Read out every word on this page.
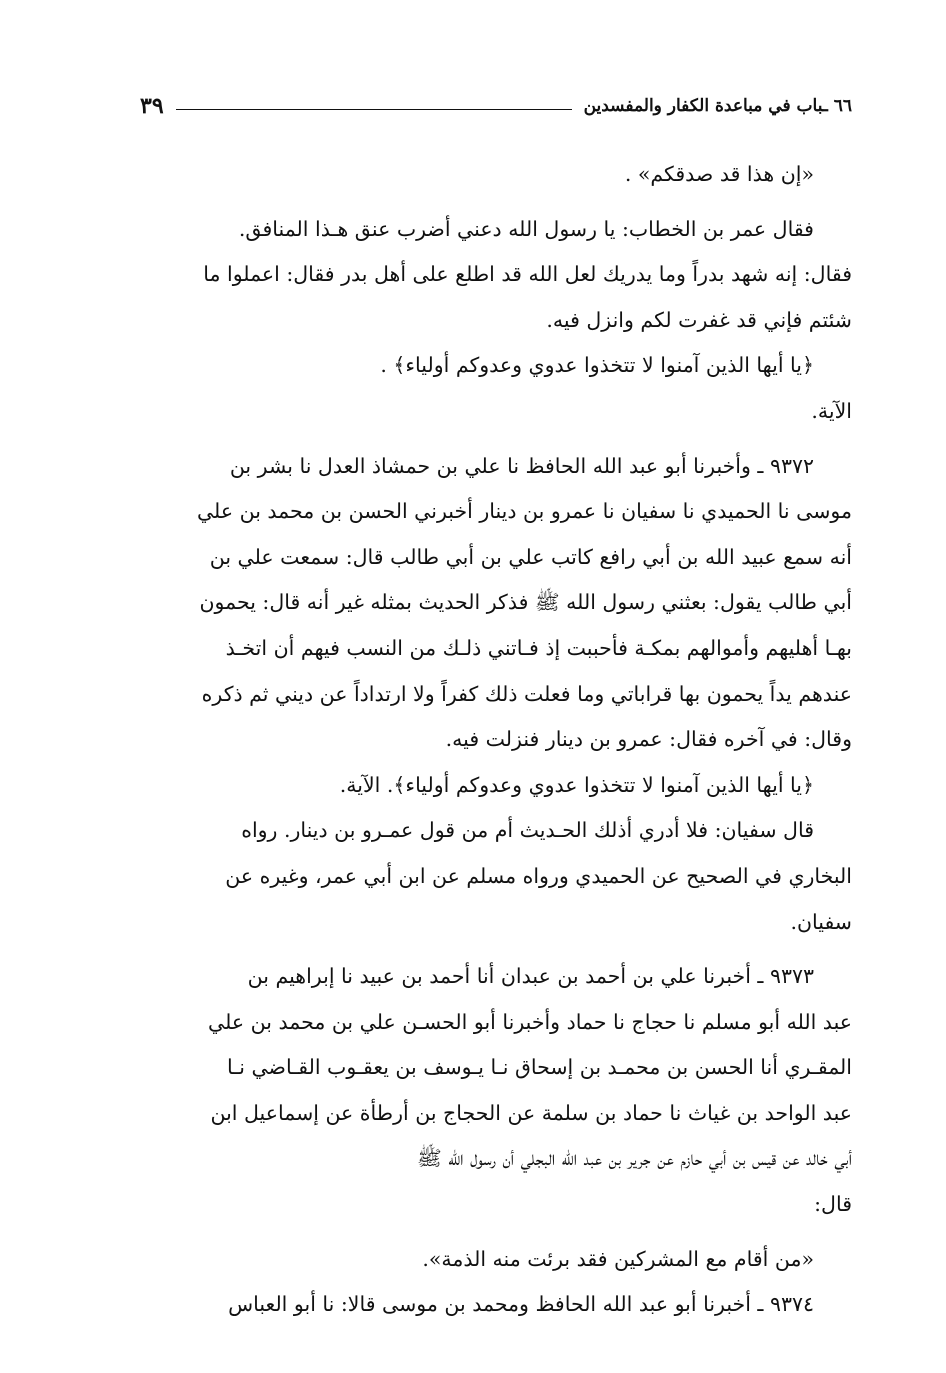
٦٦ ـباب في مباعدة الكفار والمفسدين
٣٩
«إن هذا قد صدقكم» .
فقال عمر بن الخطاب: يا رسول الله دعني أضرب عنق هـذا المنافق.
فقال: إنه شهد بدراً وما يدريك لعل الله قد اطلع على أهل بدر فقال: اعملوا ما
شئتم فإني قد غفرت لكم وانزل فيه.
﴿يا أيها الذين آمنوا لا تتخذوا عدوي وعدوكم أولياء﴾ .
الآية.
٩٣٧٢ ـ وأخبرنا أبو عبد الله الحافظ نا علي بن حمشاذ العدل نا بشر بن
موسى نا الحميدي نا سفيان نا عمرو بن دينار أخبرني الحسن بن محمد بن علي
أنه سمع عبيد الله بن أبي رافع كاتب علي بن أبي طالب قال: سمعت علي بن
أبي طالب يقول: بعثني رسول الله ﷺ فذكر الحديث بمثله غير أنه قال: يحمون
بهـا أهليهم وأموالهم بمكـة فأحببت إذ فـاتني ذلـك من النسب فيهم أن اتخـذ
عندهم يداً يحمون بها قراباتي وما فعلت ذلك كفراً ولا ارتداداً عن ديني ثم ذكره
وقال: في آخره فقال: عمرو بن دينار فنزلت فيه.
﴿يا أيها الذين آمنوا لا تتخذوا عدوي وعدوكم أولياء﴾. الآية.
قال سفيان: فلا أدري أذلك الحـديث أم من قول عمـرو بن دينار. رواه
البخاري في الصحيح عن الحميدي ورواه مسلم عن ابن أبي عمر، وغيره عن
سفيان.
٩٣٧٣ ـ أخبرنا علي بن أحمد بن عبدان أنا أحمد بن عبيد نا إبراهيم بن
عبد الله أبو مسلم نا حجاج نا حماد وأخبرنا أبو الحسـن علي بن محمد بن علي
المقـري أنا الحسن بن محمـد بن إسحاق نـا يـوسف بن يعقـوب القـاضي نـا
عبد الواحد بن غياث نا حماد بن سلمة عن الحجاج بن أرطأة عن إسماعيل ابن
أبي خالد عن قيس بن أبي حازم عن جرير بن عبد الله البجلي أن رسول الله ﷺ
قال:
«من أقام مع المشركين فقد برئت منه الذمة».
٩٣٧٤ ـ أخبرنا أبو عبد الله الحافظ ومحمد بن موسى قالا: نا أبو العباس
